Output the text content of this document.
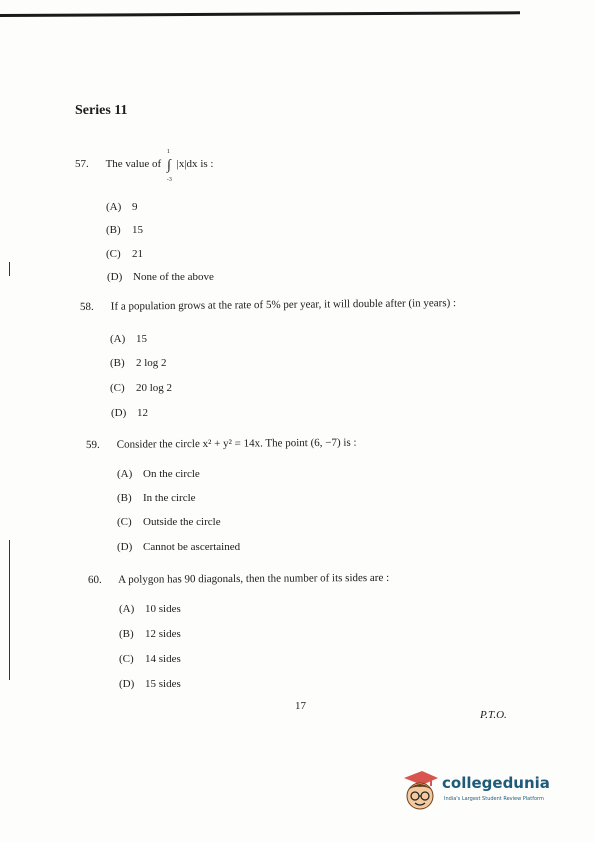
Series 11
57. The value of ∫
1
-3
|x|dx is :
(A) 9
(B) 15
(C) 21
(D) None of the above
58. If a population grows at the rate of 5% per year, it will double after (in years) :
(A) 15
(B) 2 log 2
(C) 20 log 2
(D) 12
59. Consider the circle x² + y² = 14x. The point (6, −7) is :
(A) On the circle
(B) In the circle
(C) Outside the circle
(D) Cannot be ascertained
60. A polygon has 90 diagonals, then the number of its sides are :
(A) 10 sides
(B) 12 sides
(C) 14 sides
(D) 15 sides
17
P.T.O.
collegedunia
India's Largest Student Review Platform
